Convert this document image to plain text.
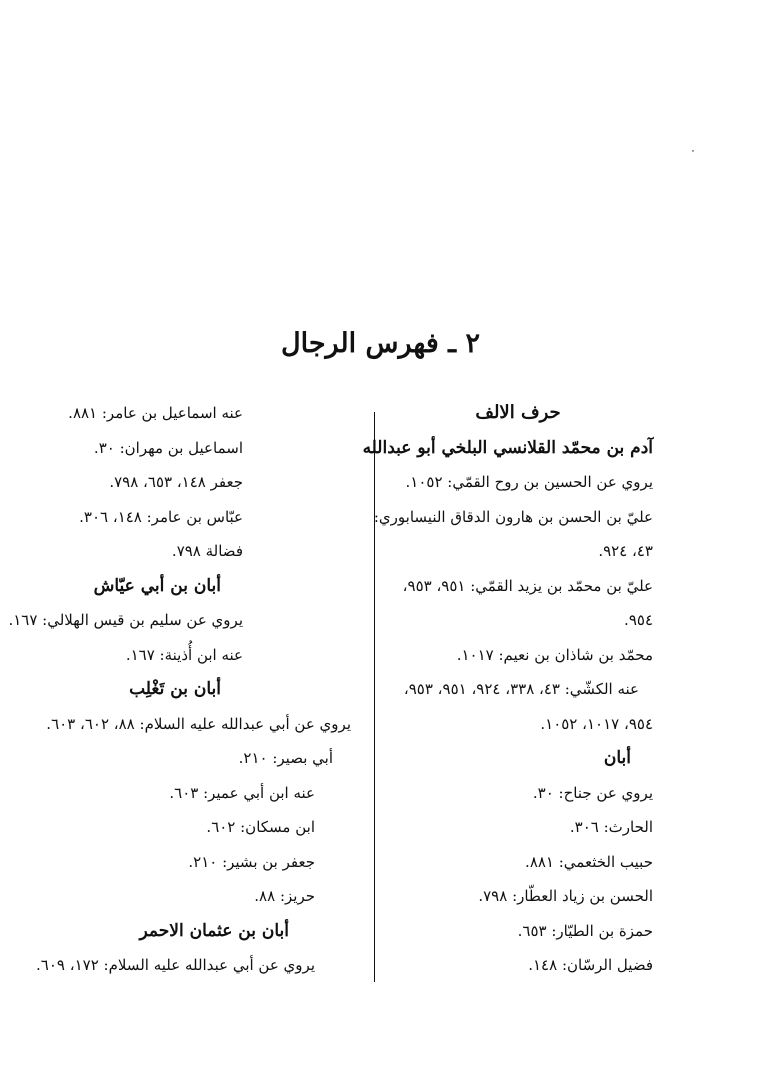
٠
٢ ـ فهرس الرجال
حرف الالف
آدم بن محمّد القلانسي البلخي أبو عبدالله
يروي عن الحسين بن روح القمّي: ١٠٥٢.
عليّ بن الحسن بن هارون الدقاق النيسابوري:
٤٣، ٩٢٤.
عليّ بن محمّد بن يزيد القمّي: ٩٥١، ٩٥٣،
٩٥٤.
محمّد بن شاذان بن نعيم: ١٠١٧.
عنه الكشّي: ٤٣، ٣٣٨، ٩٢٤، ٩٥١، ٩٥٣،
٩٥٤، ١٠١٧، ١٠٥٢.
أبان
يروي عن جناح: ٣٠.
الحارث: ٣٠٦.
حبيب الخثعمي: ٨٨١.
الحسن بن زياد العطّار: ٧٩٨.
حمزة بن الطيّار: ٦٥٣.
فضيل الرسّان: ١٤٨.
عنه اسماعيل بن عامر: ٨٨١.
اسماعيل بن مهران: ٣٠.
جعفر ١٤٨، ٦٥٣، ٧٩٨.
عبّاس بن عامر: ١٤٨، ٣٠٦.
فضالة ٧٩٨.
أبان بن أبي عيّاش
يروي عن سليم بن قيس الهلالي: ١٦٧.
عنه ابن أُذينة: ١٦٧.
أبان بن تَغْلِب
يروي عن أبي عبدالله عليه السلام: ٨٨، ٦٠٢، ٦٠٣.
أبي بصير: ٢١٠.
عنه ابن أبي عمير: ٦٠٣.
ابن مسكان: ٦٠٢.
جعفر بن بشير: ٢١٠.
حريز: ٨٨.
أبان بن عثمان الاحمر
يروي عن أبي عبدالله عليه السلام: ١٧٢، ٦٠٩.
